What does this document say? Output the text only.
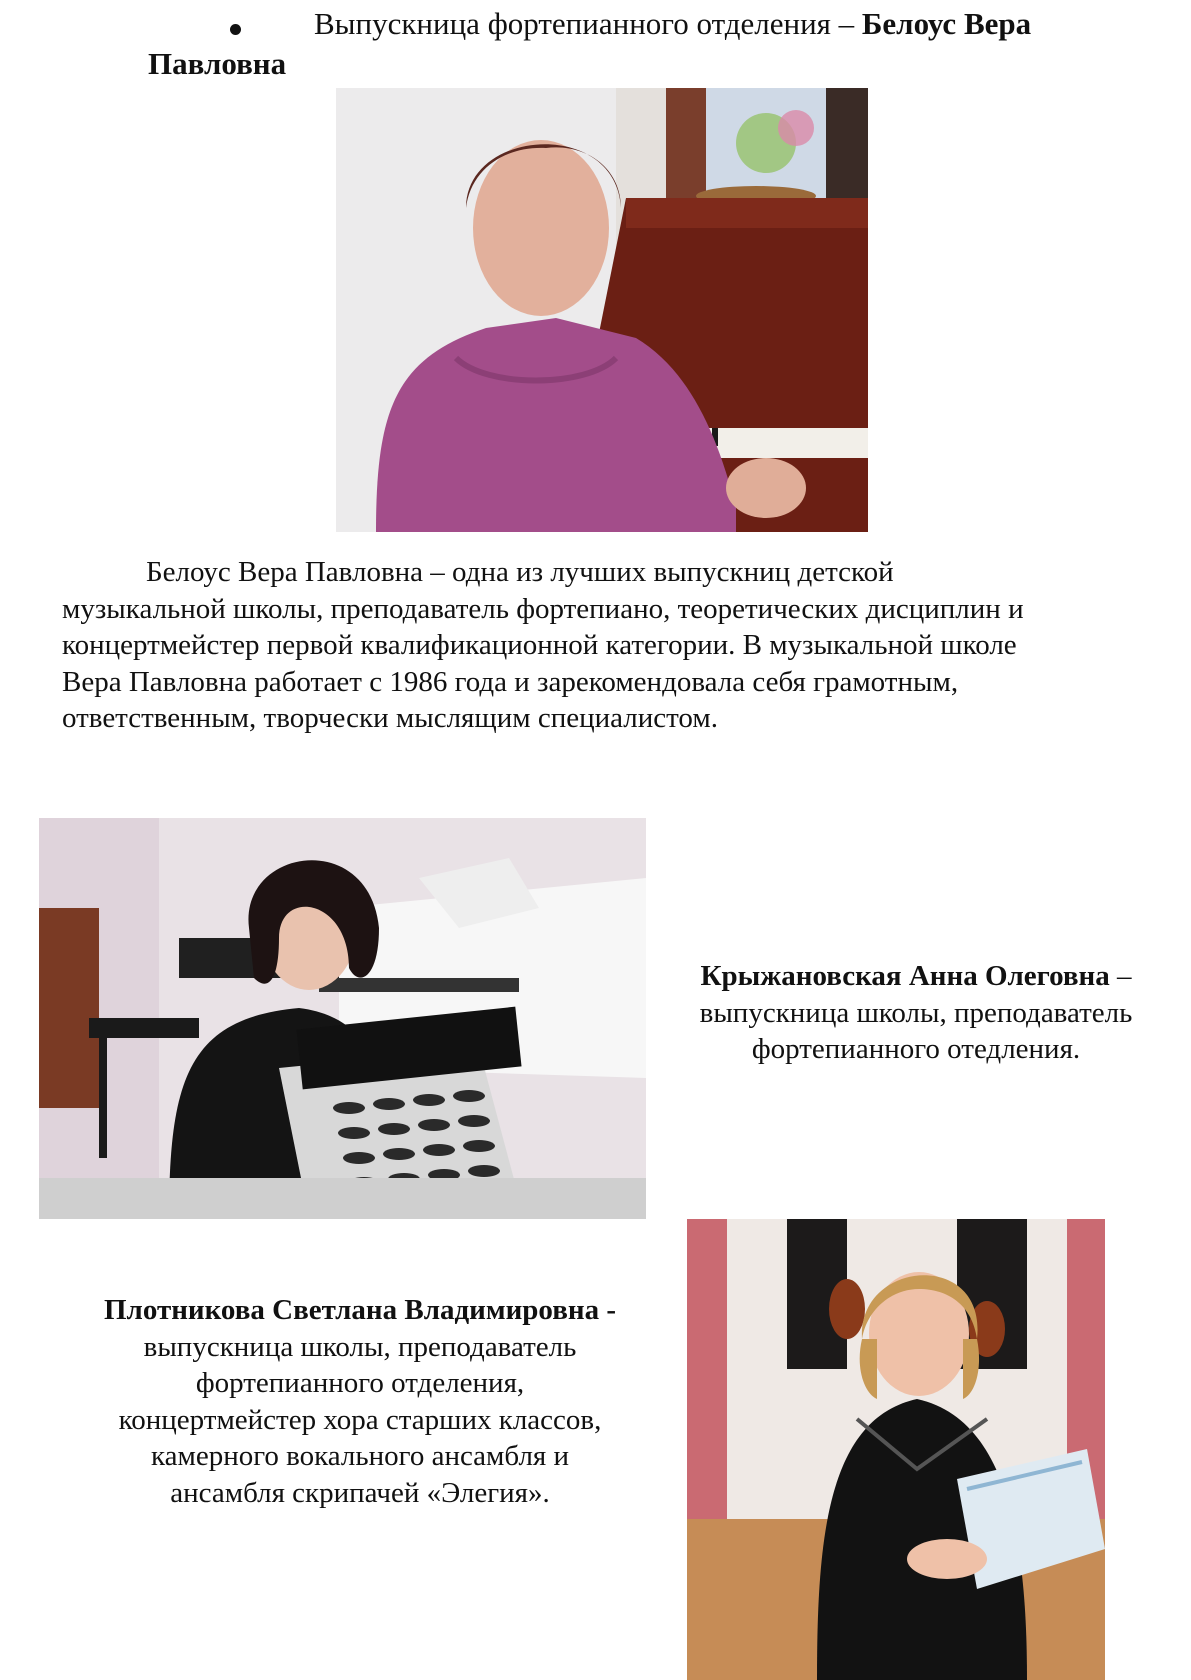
Выпускница фортепианного отделения – Белоус Вера
Павловна
Белоус Вера Павловна – одна из лучших выпускниц детской
музыкальной школы, преподаватель фортепиано, теоретических дисциплин и
концертмейстер первой квалификационной категории. В музыкальной школе
Вера Павловна работает с 1986 года и зарекомендовала себя грамотным,
ответственным, творчески мыслящим специалистом.
Крыжановская Анна Олеговна –
выпускница школы, преподаватель
фортепианного отедления.
Плотникова Светлана Владимировна -
выпускница школы, преподаватель
фортепианного отделения,
концертмейстер хора старших классов,
камерного вокального ансамбля и
ансамбля скрипачей «Элегия».
